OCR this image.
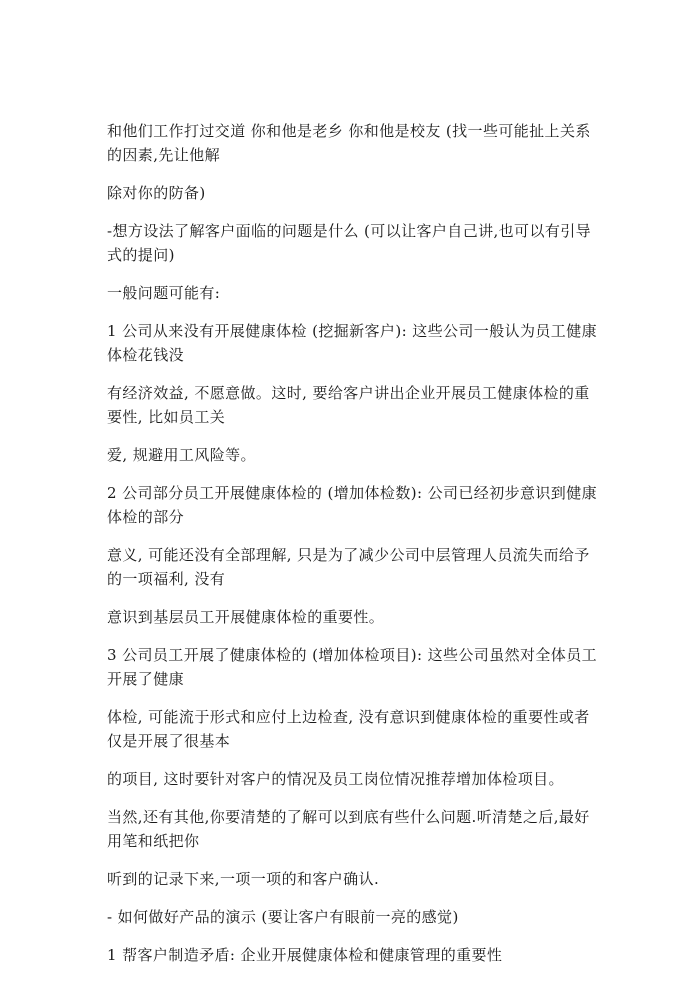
和他们工作打过交道 你和他是老乡 你和他是校友 (找一些可能扯上关系的因素,先让他解

除对你的防备)

-想方设法了解客户面临的问题是什么 (可以让客户自己讲,也可以有引导式的提问)

一般问题可能有:

1 公司从来没有开展健康体检 (挖掘新客户): 这些公司一般认为员工健康体检花钱没

有经济效益, 不愿意做。这时, 要给客户讲出企业开展员工健康体检的重要性, 比如员工关

爱, 规避用工风险等。

2 公司部分员工开展健康体检的 (增加体检数): 公司已经初步意识到健康体检的部分

意义, 可能还没有全部理解, 只是为了减少公司中层管理人员流失而给予的一项福利, 没有

意识到基层员工开展健康体检的重要性。

3 公司员工开展了健康体检的 (增加体检项目): 这些公司虽然对全体员工开展了健康

体检, 可能流于形式和应付上边检查, 没有意识到健康体检的重要性或者仅是开展了很基本

的项目, 这时要针对客户的情况及员工岗位情况推荐增加体检项目。

当然,还有其他,你要清楚的了解可以到底有些什么问题.听清楚之后,最好用笔和纸把你

听到的记录下来,一项一项的和客户确认.

- 如何做好产品的演示 (要让客户有眼前一亮的感觉)

1 帮客户制造矛盾: 企业开展健康体检和健康管理的重要性
